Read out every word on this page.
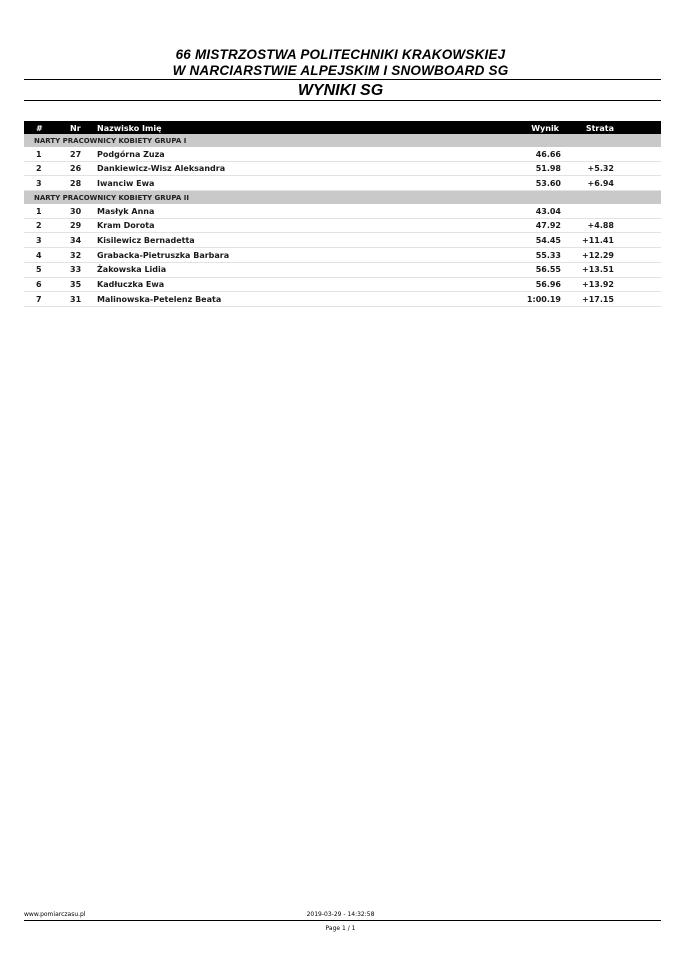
66 MISTRZOSTWA POLITECHNIKI KRAKOWSKIEJ
W NARCIARSTWIE ALPEJSKIM I SNOWBOARD SG
WYNIKI SG
#	Nr	Nazwisko Imię	Wynik	Strata
NARTY PRACOWNICY KOBIETY GRUPA I
1	27	Podgórna Zuza	46.66
2	26	Dankiewicz-Wisz Aleksandra	51.98	+5.32
3	28	Iwanciw Ewa	53.60	+6.94
NARTY PRACOWNICY KOBIETY GRUPA II
1	30	Masłyk Anna	43.04
2	29	Kram Dorota	47.92	+4.88
3	34	Kisilewicz Bernadetta	54.45	+11.41
4	32	Grabacka-Pietruszka Barbara	55.33	+12.29
5	33	Żakowska Lidia	56.55	+13.51
6	35	Kadłuczka Ewa	56.96	+13.92
7	31	Malinowska-Petelenz Beata	1:00.19	+17.15
www.pomiarczasu.pl	2019-03-29 - 14:32:58
Page 1 / 1
